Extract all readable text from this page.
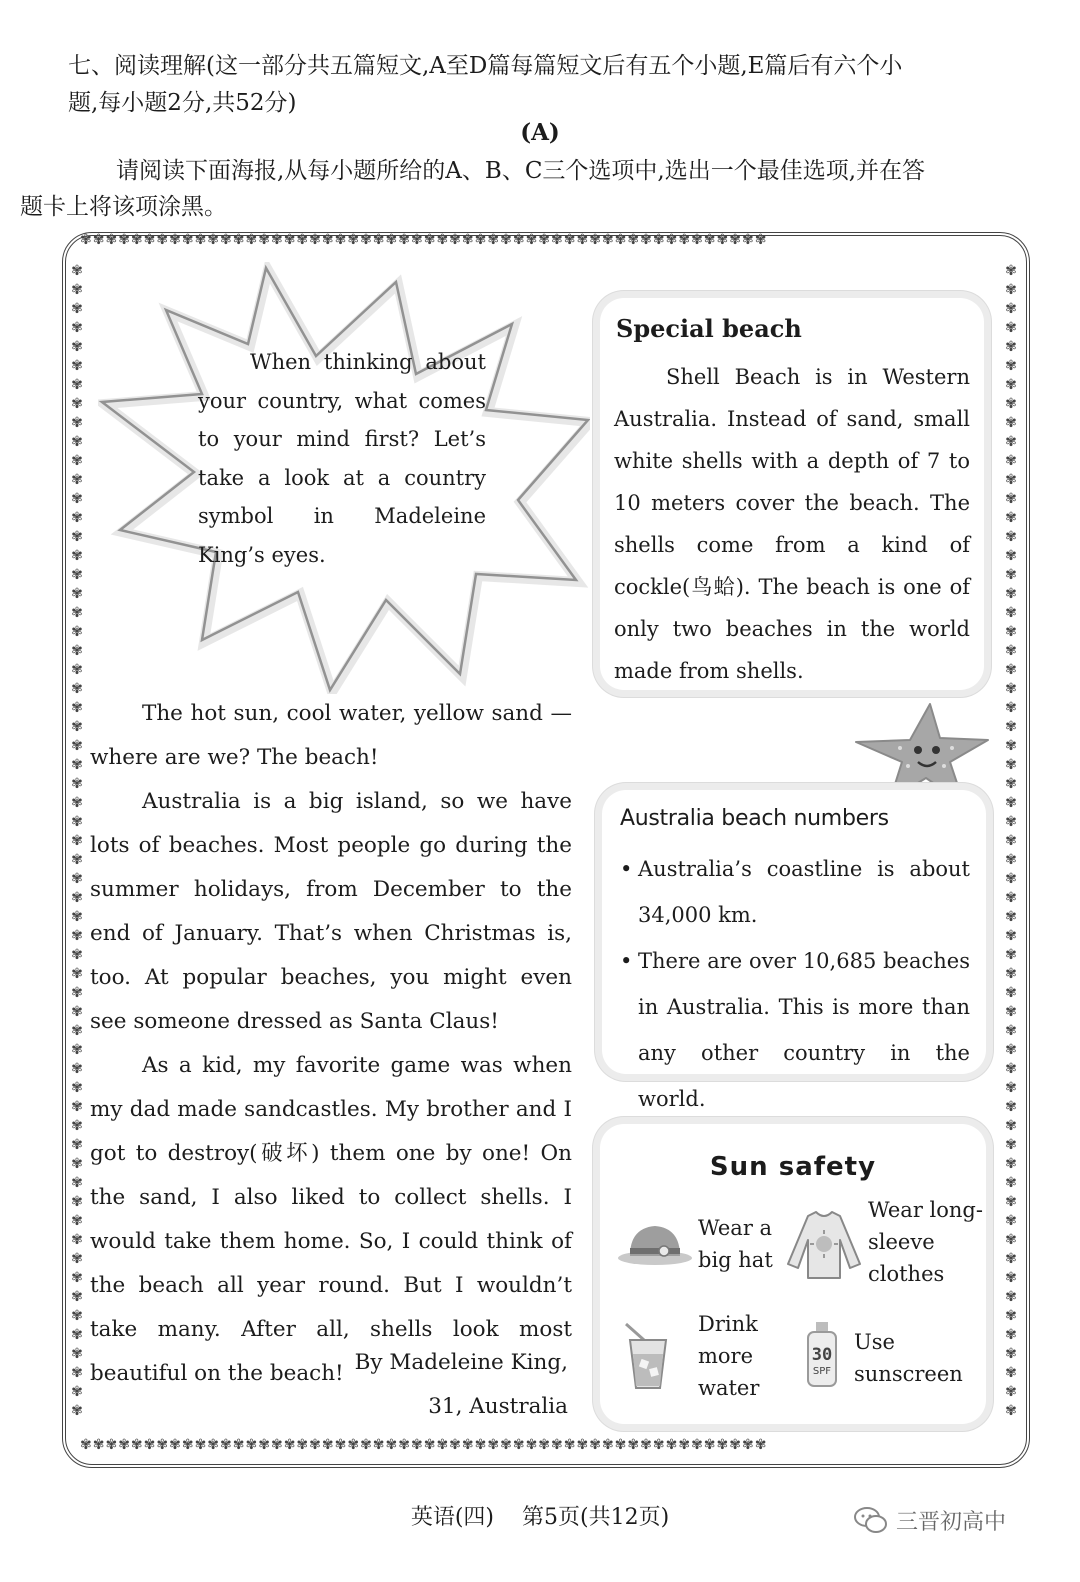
七、阅读理解(这一部分共五篇短文,A至D篇每篇短文后有五个小题,E篇后有六个小

题,每小题2分,共52分)

(A)

请阅读下面海报,从每小题所给的A、B、C三个选项中,选出一个最佳选项,并在答

题卡上将该项涂黑。

✾✾✾✾✾✾✾✾✾✾✾✾✾✾✾✾✾✾✾✾✾✾✾✾✾✾✾✾✾✾✾✾✾✾✾✾✾✾✾✾✾✾✾✾✾✾✾✾✾✾✾✾✾✾
✾✾✾✾✾✾✾✾✾✾✾✾✾✾✾✾✾✾✾✾✾✾✾✾✾✾✾✾✾✾✾✾✾✾✾✾✾✾✾✾✾✾✾✾✾✾✾✾✾✾✾✾✾✾
✾✾✾✾✾✾✾✾✾✾✾✾✾✾✾✾✾✾✾✾✾✾✾✾✾✾✾✾✾✾✾✾✾✾✾✾✾✾✾✾✾✾✾✾✾✾✾✾✾✾✾✾✾✾✾✾✾✾✾✾✾
✾✾✾✾✾✾✾✾✾✾✾✾✾✾✾✾✾✾✾✾✾✾✾✾✾✾✾✾✾✾✾✾✾✾✾✾✾✾✾✾✾✾✾✾✾✾✾✾✾✾✾✾✾✾✾✾✾✾✾✾✾

When thinking about your country, what comes to your mind first? Let’s take a look at a country symbol in Madeleine King’s eyes.

The hot sun, cool water, yellow sand — where are we? The beach!

Australia is a big island, so we have lots of beaches. Most people go during the summer holidays, from December to the end of January. That’s when Christmas is, too. At popular beaches, you might even see someone dressed as Santa Claus!

As a kid, my favorite game was when my dad made sandcastles. My brother and I got to destroy(破坏) them one by one! On the sand, I also liked to collect shells. I would take them home. So, I could think of the beach all year round. But I wouldn’t take many. After all, shells look most beautiful on the beach! By Madeleine King,
31, Australia
Special beach

Shell Beach is in Western Australia. Instead of sand, small white shells with a depth of 7 to 10 meters cover the beach. The shells come from a kind of cockle(鸟蛤). The beach is one of only two beaches in the world made from shells.

Australia beach numbers
• Australia’s coastline is about 34,000 km.
• There are over 10,685 beaches in Australia. This is more than any other country in the world.
Sun safety
Wear a big hat
Wear long-sleeve clothes
Drink more water
30
SPF
Use sunscreen
英语(四) 第5页(共12页)	三晋初高中
